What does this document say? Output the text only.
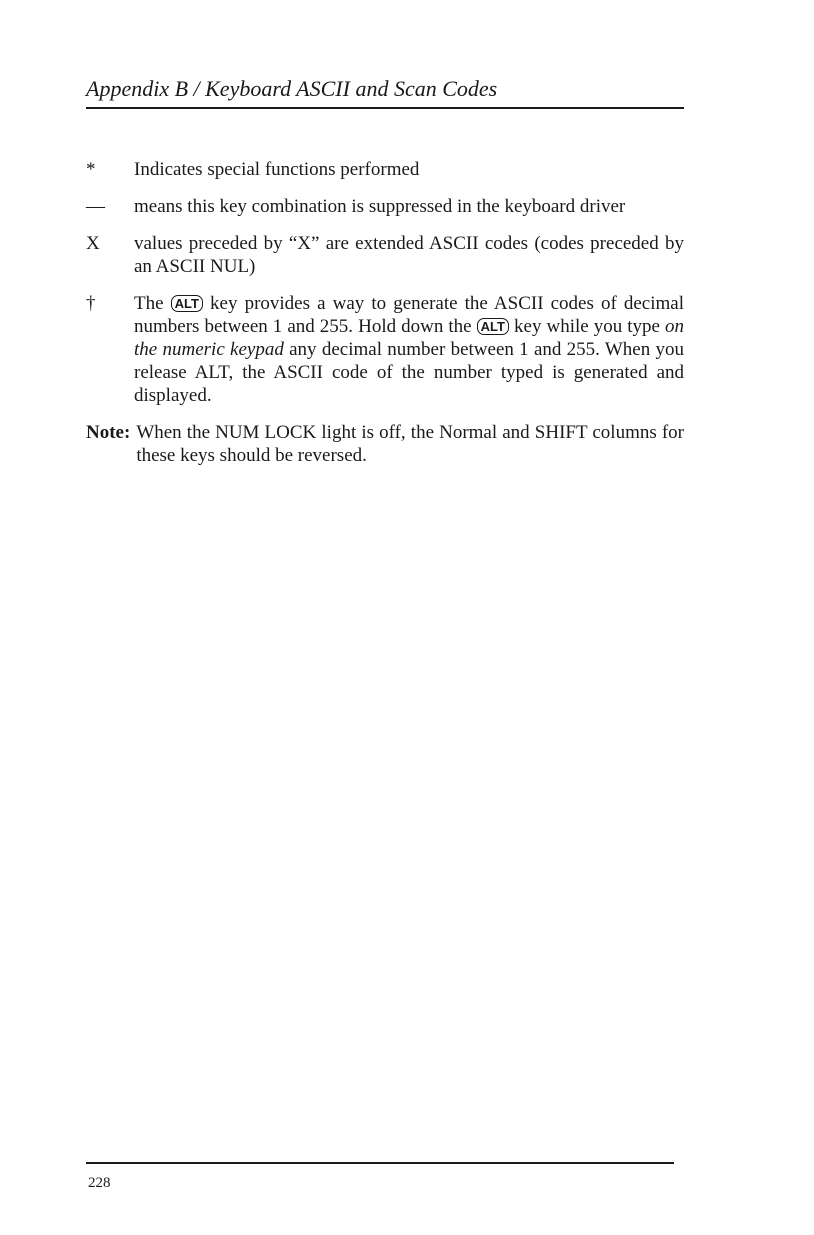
Appendix B / Keyboard ASCII and Scan Codes
*	Indicates special functions performed
—	means this key combination is suppressed in the keyboard driver
X	values preceded by “X” are extended ASCII codes (codes preceded by an ASCII NUL)
†	The ALT key provides a way to generate the ASCII codes of decimal numbers between 1 and 255. Hold down the ALT key while you type on the numeric keypad any decimal number between 1 and 255. When you release ALT, the ASCII code of the number typed is generated and displayed.
Note: When the NUM LOCK light is off, the Normal and SHIFT columns for these keys should be reversed.
228
